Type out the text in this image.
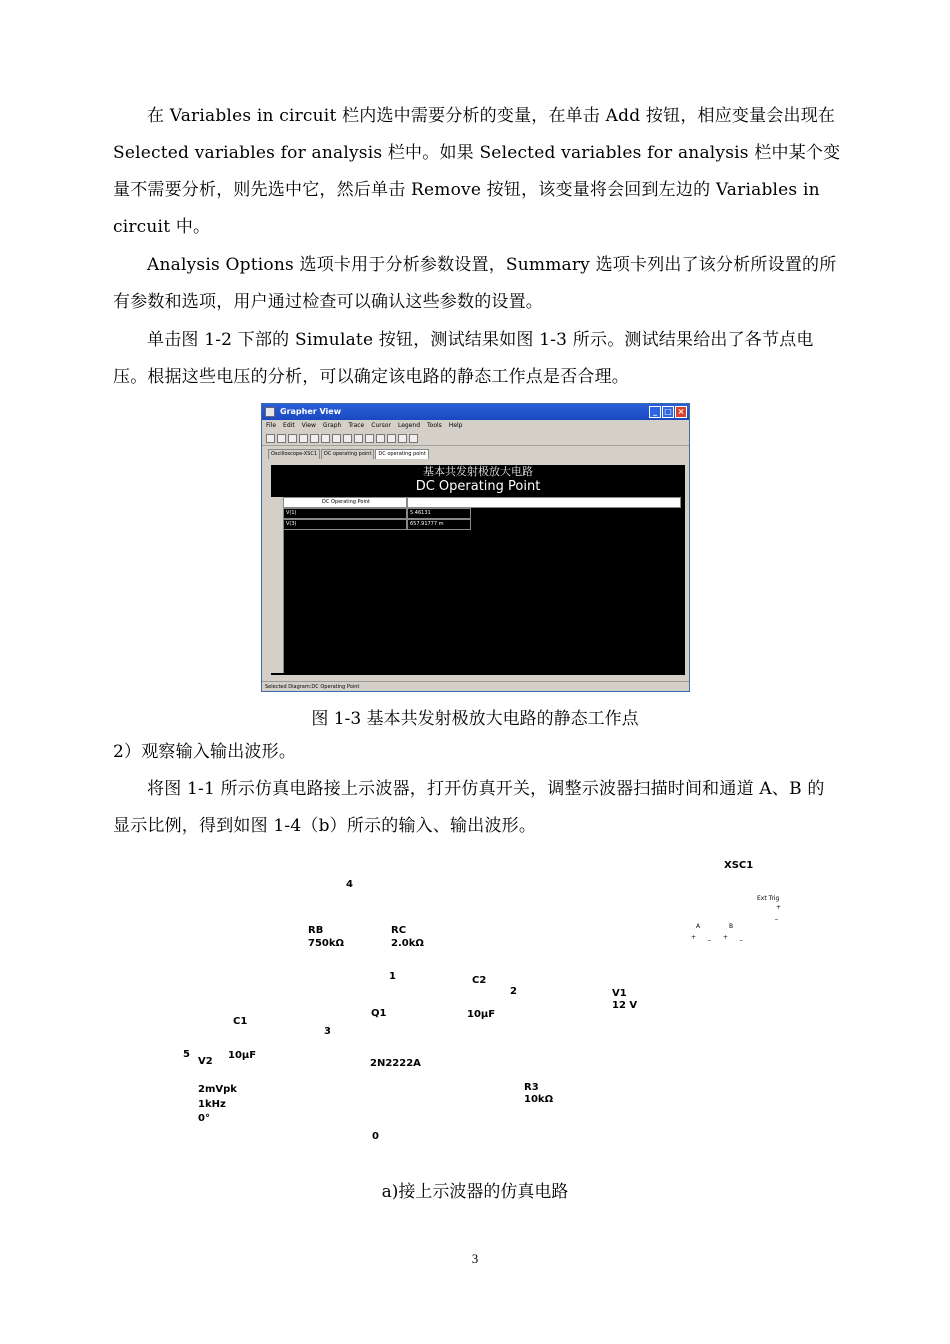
在 Variables in circuit 栏内选中需要分析的变量，在单击 Add 按钮，相应变量会出现在 Selected variables for analysis 栏中。如果 Selected variables for analysis 栏中某个变量不需要分析，则先选中它，然后单击 Remove 按钮，该变量将会回到左边的 Variables in circuit 中。

Analysis Options 选项卡用于分析参数设置，Summary 选项卡列出了该分析所设置的所有参数和选项，用户通过检查可以确认这些参数的设置。

单击图 1-2 下部的 Simulate 按钮，测试结果如图 1-3 所示。测试结果给出了各节点电压。根据这些电压的分析，可以确定该电路的静态工作点是否合理。

Grapher View	_ □ ×
File Edit View Graph Trace Cursor Legend Tools Help
Oscilloscope-XSC1	DC operating point	DC operating point
基本共发射极放大电路
DC Operating Point
DC Operating Point
V(1)	5.46131
V(3)	657.91777 m
Selected Diagram:DC Operating Point
图 1-3 基本共发射极放大电路的静态工作点

2）观察输入输出波形。

将图 1-1 所示仿真电路接上示波器，打开仿真开关，调整示波器扫描时间和通道 A、B 的显示比例，得到如图 1-4（b）所示的输入、输出波形。

XSC1
4
Ext Trig
+
_
A	B
+ _ + _
RB
750kΩ
RC
2.0kΩ
1	C2
2	V1
12 V
C1
Q1	10µF
3
5
V2
10µF
2N2222A
2mVpk	R3
1kHz	10kΩ
0°
0
a)接上示波器的仿真电路
3
